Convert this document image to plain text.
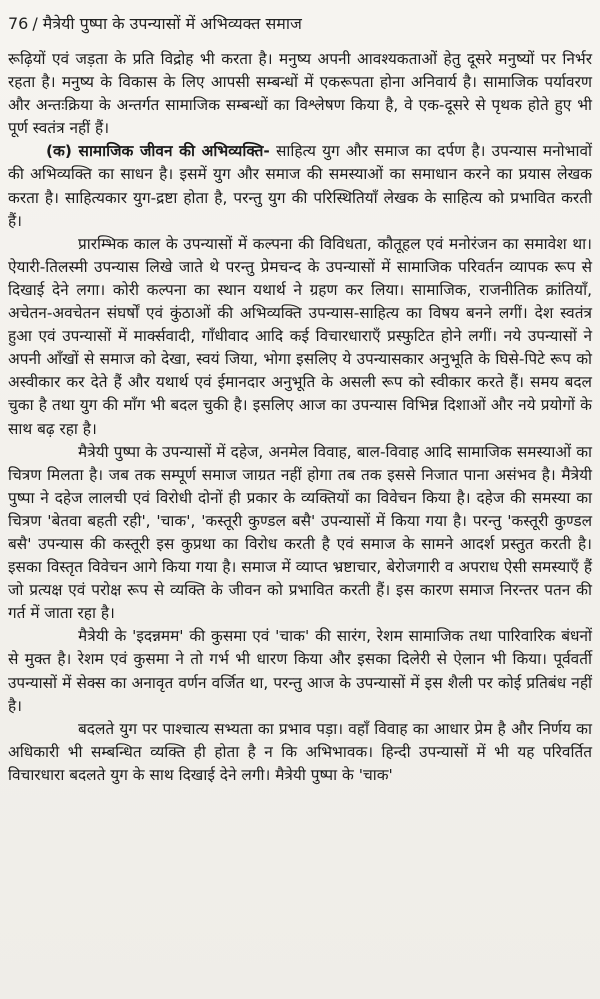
76 / मैत्रेयी पुष्पा के उपन्यासों में अभिव्यक्त समाज

रूढ़ियों एवं जड़ता के प्रति विद्रोह भी करता है। मनुष्य अपनी आवश्यकताओं हेतु दूसरे मनुष्यों पर निर्भर रहता है। मनुष्य के विकास के लिए आपसी सम्बन्धों में एकरूपता होना अनिवार्य है। सामाजिक पर्यावरण और अन्तःक्रिया के अन्तर्गत सामाजिक सम्बन्धों का विश्लेषण किया है, वे एक-दूसरे से पृथक होते हुए भी पूर्ण स्वतंत्र नहीं हैं।

(क) सामाजिक जीवन की अभिव्यक्ति- साहित्य युग और समाज का दर्पण है। उपन्यास मनोभावों की अभिव्यक्ति का साधन है। इसमें युग और समाज की समस्याओं का समाधान करने का प्रयास लेखक करता है। साहित्यकार युग-द्रष्टा होता है, परन्तु युग की परिस्थितियाँ लेखक के साहित्य को प्रभावित करती हैं।

प्रारम्भिक काल के उपन्यासों में कल्पना की विविधता, कौतूहल एवं मनोरंजन का समावेश था। ऐयारी-तिलस्मी उपन्यास लिखे जाते थे परन्तु प्रेमचन्द के उपन्यासों में सामाजिक परिवर्तन व्यापक रूप से दिखाई देने लगा। कोरी कल्पना का स्थान यथार्थ ने ग्रहण कर लिया। सामाजिक, राजनीतिक क्रांतियाँ, अचेतन-अवचेतन संघर्षों एवं कुंठाओं की अभिव्यक्ति उपन्यास-साहित्य का विषय बनने लगीं। देश स्वतंत्र हुआ एवं उपन्यासों में मार्क्सवादी, गाँधीवाद आदि कई विचारधाराएँ प्रस्फुटित होने लगीं। नये उपन्यासों ने अपनी आँखों से समाज को देखा, स्वयं जिया, भोगा इसलिए ये उपन्यासकार अनुभूति के घिसे-पिटे रूप को अस्वीकार कर देते हैं और यथार्थ एवं ईमानदार अनुभूति के असली रूप को स्वीकार करते हैं। समय बदल चुका है तथा युग की माँग भी बदल चुकी है। इसलिए आज का उपन्यास विभिन्न दिशाओं और नये प्रयोगों के साथ बढ़ रहा है।

मैत्रेयी पुष्पा के उपन्यासों में दहेज, अनमेल विवाह, बाल-विवाह आदि सामाजिक समस्याओं का चित्रण मिलता है। जब तक सम्पूर्ण समाज जाग्रत नहीं होगा तब तक इससे निजात पाना असंभव है। मैत्रेयी पुष्पा ने दहेज लालची एवं विरोधी दोनों ही प्रकार के व्यक्तियों का विवेचन किया है। दहेज की समस्या का चित्रण 'बेतवा बहती रही', 'चाक', 'कस्तूरी कुण्डल बसै' उपन्यासों में किया गया है। परन्तु 'कस्तूरी कुण्डल बसै' उपन्यास की कस्तूरी इस कुप्रथा का विरोध करती है एवं समाज के सामने आदर्श प्रस्तुत करती है। इसका विस्तृत विवेचन आगे किया गया है। समाज में व्याप्त भ्रष्टाचार, बेरोजगारी व अपराध ऐसी समस्याएँ हैं जो प्रत्यक्ष एवं परोक्ष रूप से व्यक्ति के जीवन को प्रभावित करती हैं। इस कारण समाज निरन्तर पतन की गर्त में जाता रहा है।

मैत्रेयी के 'इदन्नमम' की कुसमा एवं 'चाक' की सारंग, रेशम सामाजिक तथा पारिवारिक बंधनों से मुक्त है। रेशम एवं कुसमा ने तो गर्भ भी धारण किया और इसका दिलेरी से ऐलान भी किया। पूर्ववर्ती उपन्यासों में सेक्स का अनावृत वर्णन वर्जित था, परन्तु आज के उपन्यासों में इस शैली पर कोई प्रतिबंध नहीं है।

बदलते युग पर पाश्चात्य सभ्यता का प्रभाव पड़ा। वहाँ विवाह का आधार प्रेम है और निर्णय का अधिकारी भी सम्बन्धित व्यक्ति ही होता है न कि अभिभावक। हिन्दी उपन्यासों में भी यह परिवर्तित विचारधारा बदलते युग के साथ दिखाई देने लगी। मैत्रेयी पुष्पा के 'चाक'
